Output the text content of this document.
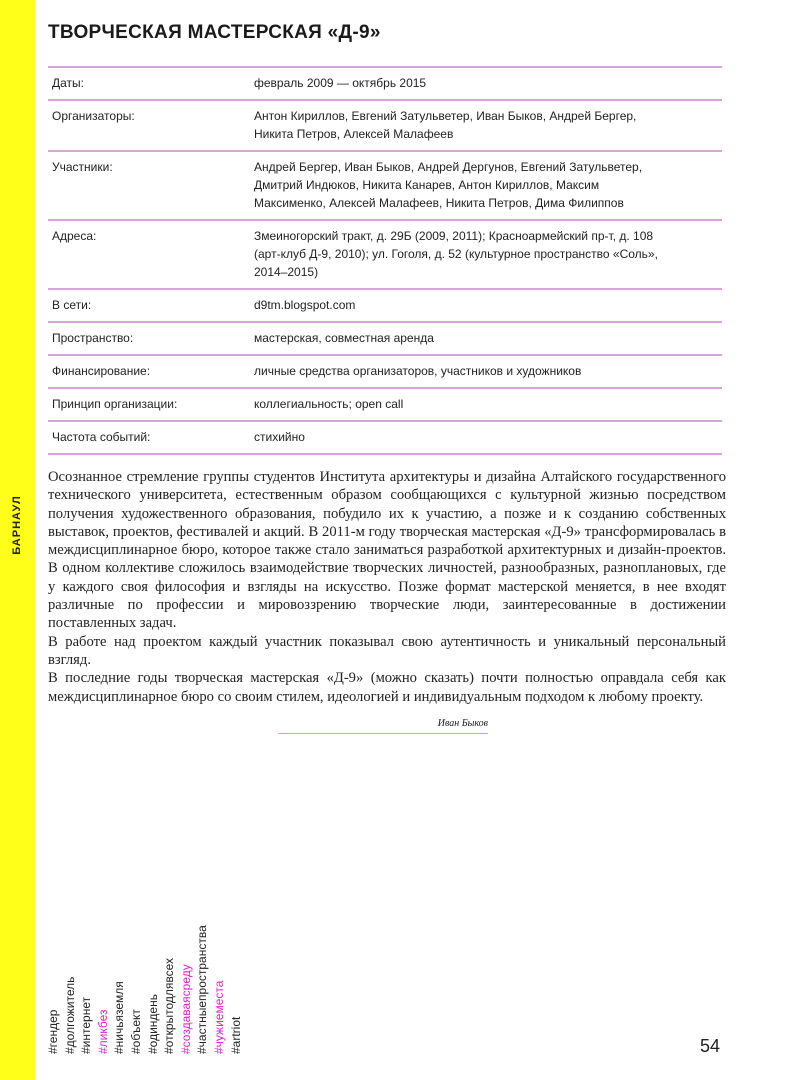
БАРНАУЛ
ТВОРЧЕСКАЯ МАСТЕРСКАЯ «Д-9»
Даты:	февраль 2009 — октябрь 2015
Организаторы:	Антон Кириллов, Евгений Затульветер, Иван Быков, Андрей Бергер, Никита Петров, Алексей Малафеев
Участники:	Андрей Бергер, Иван Быков, Андрей Дергунов, Евгений Затульветер, Дмитрий Индюков, Никита Канарев, Антон Кириллов, Максим Максименко, Алексей Малафеев, Никита Петров, Дима Филиппов
Адреса:	Змеиногорский тракт, д. 29Б (2009, 2011); Красноармейский пр-т, д. 108 (арт-клуб Д-9, 2010); ул. Гоголя, д. 52 (культурное пространство «Соль», 2014–2015)
В сети:	d9tm.blogspot.com
Пространство:	мастерская, совместная аренда
Финансирование:	личные средства организаторов, участников и художников
Принцип организации:	коллегиальность; open call
Частота событий:	стихийно

Осознанное стремление группы студентов Института архитектуры и дизайна Алтайского государственного технического университета, естественным образом сообщающихся с культурной жизнью посредством получения художественного образования, побудило их к участию, а позже и к созданию собственных выставок, проектов, фестивалей и акций. В 2011-м году творческая мастерская «Д-9» трансформировалась в междисциплинарное бюро, которое также стало заниматься разработкой архитектурных и дизайн-проектов. В одном коллективе сложилось взаимодействие творческих личностей, разнообразных, разноплановых, где у каждого своя философия и взгляды на искусство. Позже формат мастерской меняется, в нее входят различные по профессии и мировоззрению творческие люди, заинтересованные в достижении поставленных задач.

В работе над проектом каждый участник показывал свою аутентичность и уникальный персональный взгляд.

В последние годы творческая мастерская «Д-9» (можно сказать) почти полностью оправдала себя как междисциплинарное бюро со своим стилем, идеологией и индивидуальным подходом к любому проекту.

Иван Быков
#гендер #долгожитель #интернет #ликбез #ничьяземля #объект #одиндень #открытодлявсех #создаваясреду #частныепространства #чужиеместа #artriot	54
